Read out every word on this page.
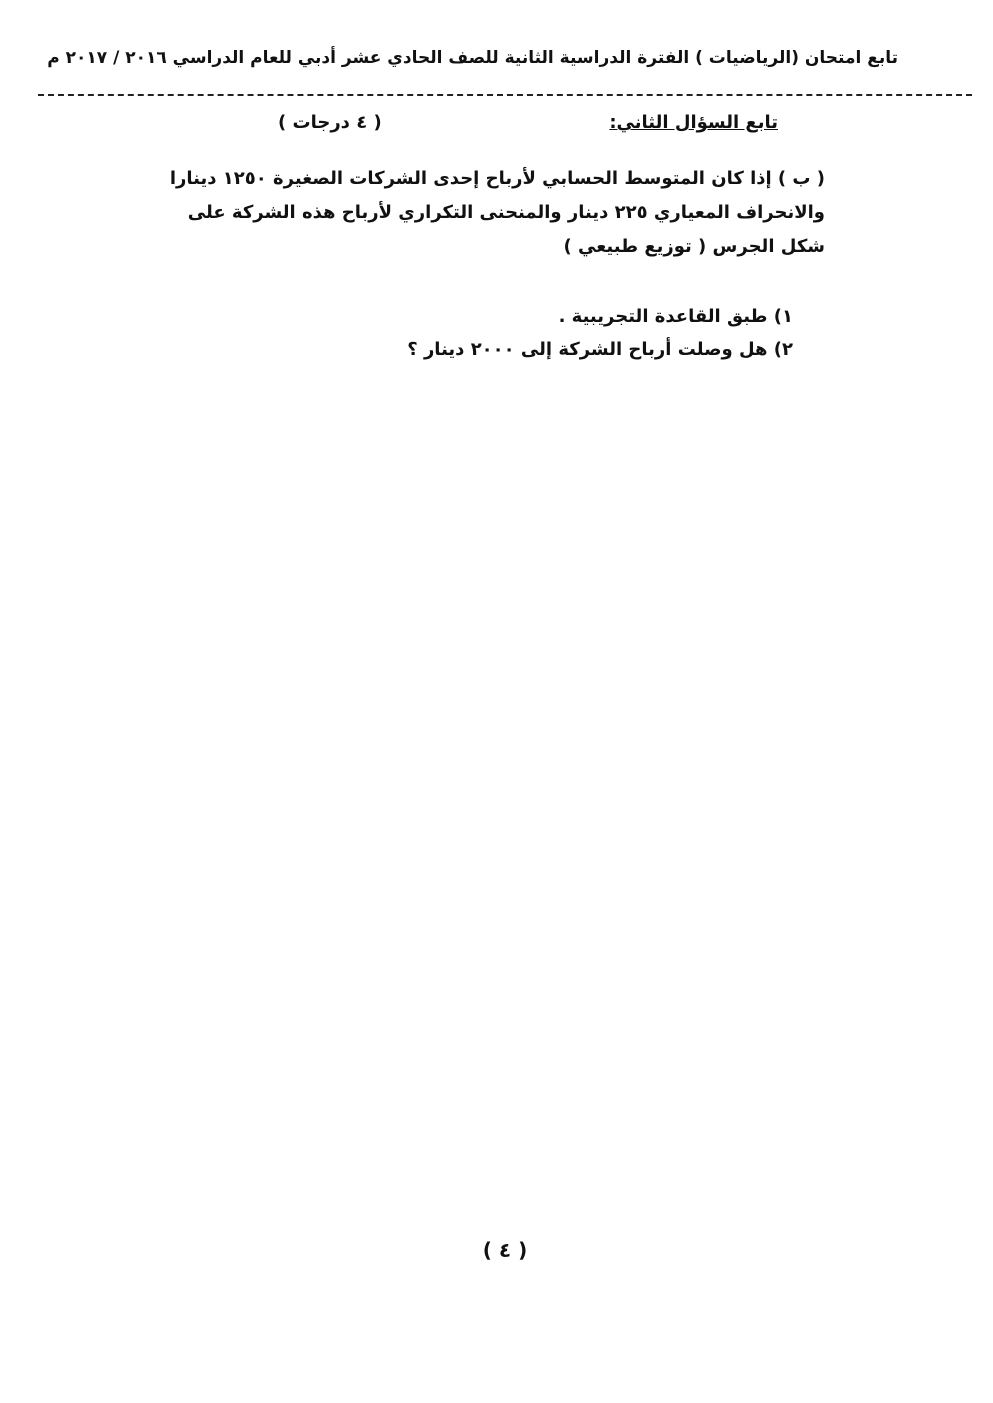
تابع امتحان (الرياضيات ) الفترة الدراسية الثانية للصف الحادي عشر أدبي للعام الدراسي ٢٠١٦ / ٢٠١٧ م
تابع السؤال الثاني:
( ٤ درجات )
( ب ) إذا كان المتوسط الحسابي لأرباح إحدى الشركات الصغيرة ١٢٥٠ دينارا
والانحراف المعياري ٢٢٥ دينار والمنحنى التكراري لأرباح هذه الشركة على
شكل الجرس ( توزيع طبيعي )
١) طبق القاعدة التجريبية .
٢) هل وصلت أرباح الشركة إلى ٢٠٠٠ دينار ؟
( ٤ )
